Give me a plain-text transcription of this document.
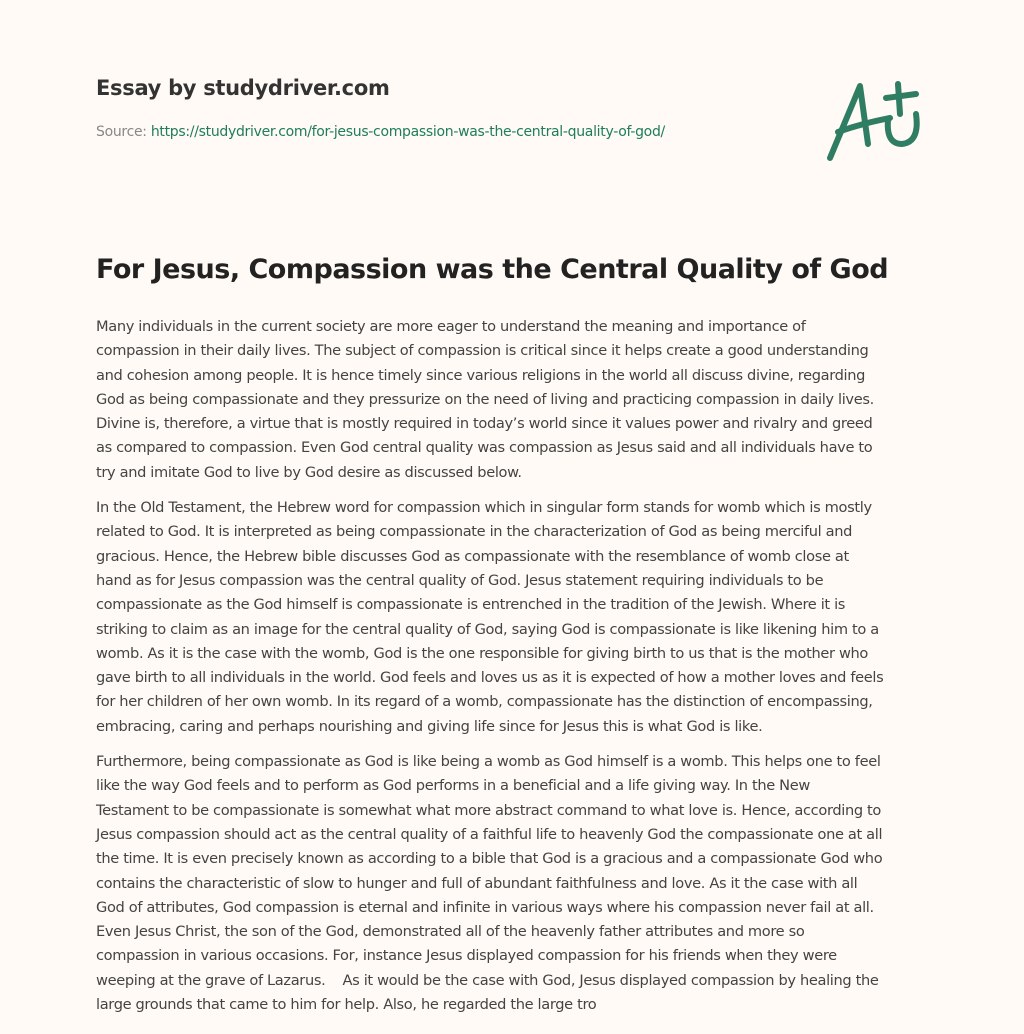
Essay by studydriver.com
Source: https://studydriver.com/for-jesus-compassion-was-the-central-quality-of-god/
For Jesus, Compassion was the Central Quality of God

Many individuals in the current society are more eager to understand the meaning and importance of
compassion in their daily lives. The subject of compassion is critical since it helps create a good understanding
and cohesion among people. It is hence timely since various religions in the world all discuss divine, regarding
God as being compassionate and they pressurize on the need of living and practicing compassion in daily lives.
Divine is, therefore, a virtue that is mostly required in today’s world since it values power and rivalry and greed
as compared to compassion. Even God central quality was compassion as Jesus said and all individuals have to
try and imitate God to live by God desire as discussed below.

In the Old Testament, the Hebrew word for compassion which in singular form stands for womb which is mostly
related to God. It is interpreted as being compassionate in the characterization of God as being merciful and
gracious. Hence, the Hebrew bible discusses God as compassionate with the resemblance of womb close at
hand as for Jesus compassion was the central quality of God. Jesus statement requiring individuals to be
compassionate as the God himself is compassionate is entrenched in the tradition of the Jewish. Where it is
striking to claim as an image for the central quality of God, saying God is compassionate is like likening him to a
womb. As it is the case with the womb, God is the one responsible for giving birth to us that is the mother who
gave birth to all individuals in the world. God feels and loves us as it is expected of how a mother loves and feels
for her children of her own womb. In its regard of a womb, compassionate has the distinction of encompassing,
embracing, caring and perhaps nourishing and giving life since for Jesus this is what God is like.

Furthermore, being compassionate as God is like being a womb as God himself is a womb. This helps one to feel
like the way God feels and to perform as God performs in a beneficial and a life giving way. In the New
Testament to be compassionate is somewhat what more abstract command to what love is. Hence, according to
Jesus compassion should act as the central quality of a faithful life to heavenly God the compassionate one at all
the time. It is even precisely known as according to a bible that God is a gracious and a compassionate God who
contains the characteristic of slow to hunger and full of abundant faithfulness and love. As it the case with all
God of attributes, God compassion is eternal and infinite in various ways where his compassion never fail at all.
Even Jesus Christ, the son of the God, demonstrated all of the heavenly father attributes and more so
compassion in various occasions. For, instance Jesus displayed compassion for his friends when they were
weeping at the grave of Lazarus.    As it would be the case with God, Jesus displayed compassion by healing the
large grounds that came to him for help. Also, he regarded the large tro
